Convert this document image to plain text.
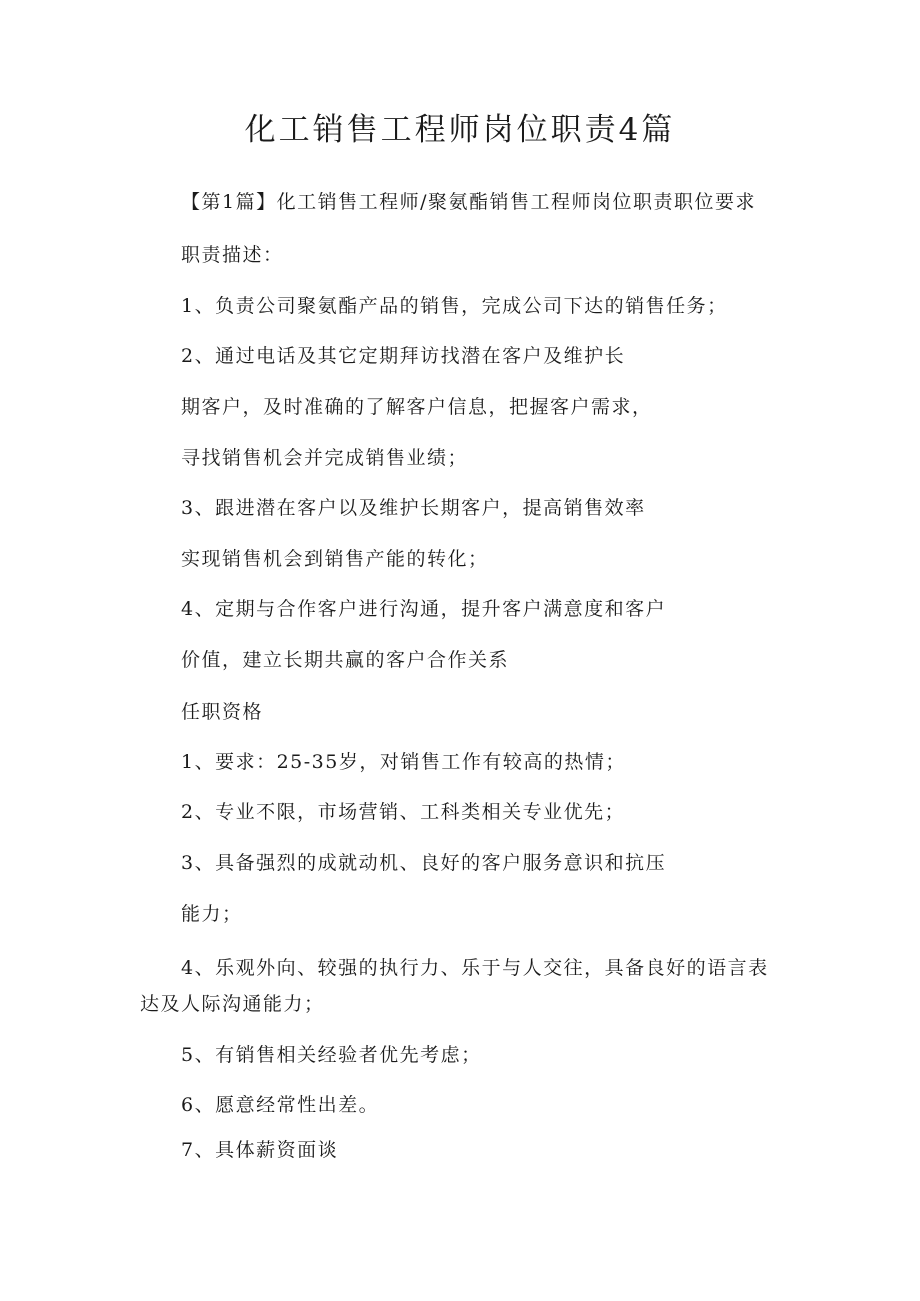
化工销售工程师岗位职责4篇
【第1篇】化工销售工程师/聚氨酯销售工程师岗位职责职位要求
职责描述：
1、负责公司聚氨酯产品的销售，完成公司下达的销售任务；
2、通过电话及其它定期拜访找潜在客户及维护长
期客户，及时准确的了解客户信息，把握客户需求，
寻找销售机会并完成销售业绩；
3、跟进潜在客户以及维护长期客户，提高销售效率
实现销售机会到销售产能的转化；
4、定期与合作客户进行沟通，提升客户满意度和客户
价值，建立长期共赢的客户合作关系
任职资格
1、要求：25-35岁，对销售工作有较高的热情；
2、专业不限，市场营销、工科类相关专业优先；
3、具备强烈的成就动机、良好的客户服务意识和抗压
能力；
4、乐观外向、较强的执行力、乐于与人交往，具备良好的语言表达及人际沟通能力；
5、有销售相关经验者优先考虑；
6、愿意经常性出差。
7、具体薪资面谈
